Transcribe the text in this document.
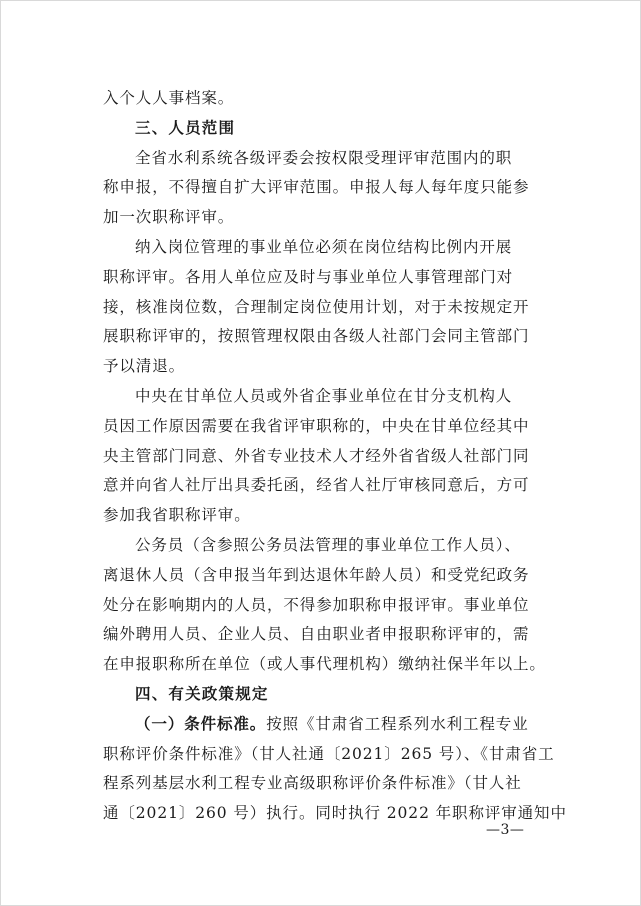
入个人人事档案。
三、人员范围
全省水利系统各级评委会按权限受理评审范围内的职
称申报，不得擅自扩大评审范围。申报人每人每年度只能参
加一次职称评审。
纳入岗位管理的事业单位必须在岗位结构比例内开展
职称评审。各用人单位应及时与事业单位人事管理部门对
接，核准岗位数，合理制定岗位使用计划，对于未按规定开
展职称评审的，按照管理权限由各级人社部门会同主管部门
予以清退。
中央在甘单位人员或外省企事业单位在甘分支机构人
员因工作原因需要在我省评审职称的，中央在甘单位经其中
央主管部门同意、外省专业技术人才经外省省级人社部门同
意并向省人社厅出具委托函，经省人社厅审核同意后，方可
参加我省职称评审。
公务员（含参照公务员法管理的事业单位工作人员）、
离退休人员（含申报当年到达退休年龄人员）和受党纪政务
处分在影响期内的人员，不得参加职称申报评审。事业单位
编外聘用人员、企业人员、自由职业者申报职称评审的，需
在申报职称所在单位（或人事代理机构）缴纳社保半年以上。
四、有关政策规定
（一）条件标准。按照《甘肃省工程系列水利工程专业
职称评价条件标准》（甘人社通〔2021〕265 号）、《甘肃省工
程系列基层水利工程专业高级职称评价条件标准》（甘人社
通〔2021〕260 号）执行。同时执行 2022 年职称评审通知中
—3—
